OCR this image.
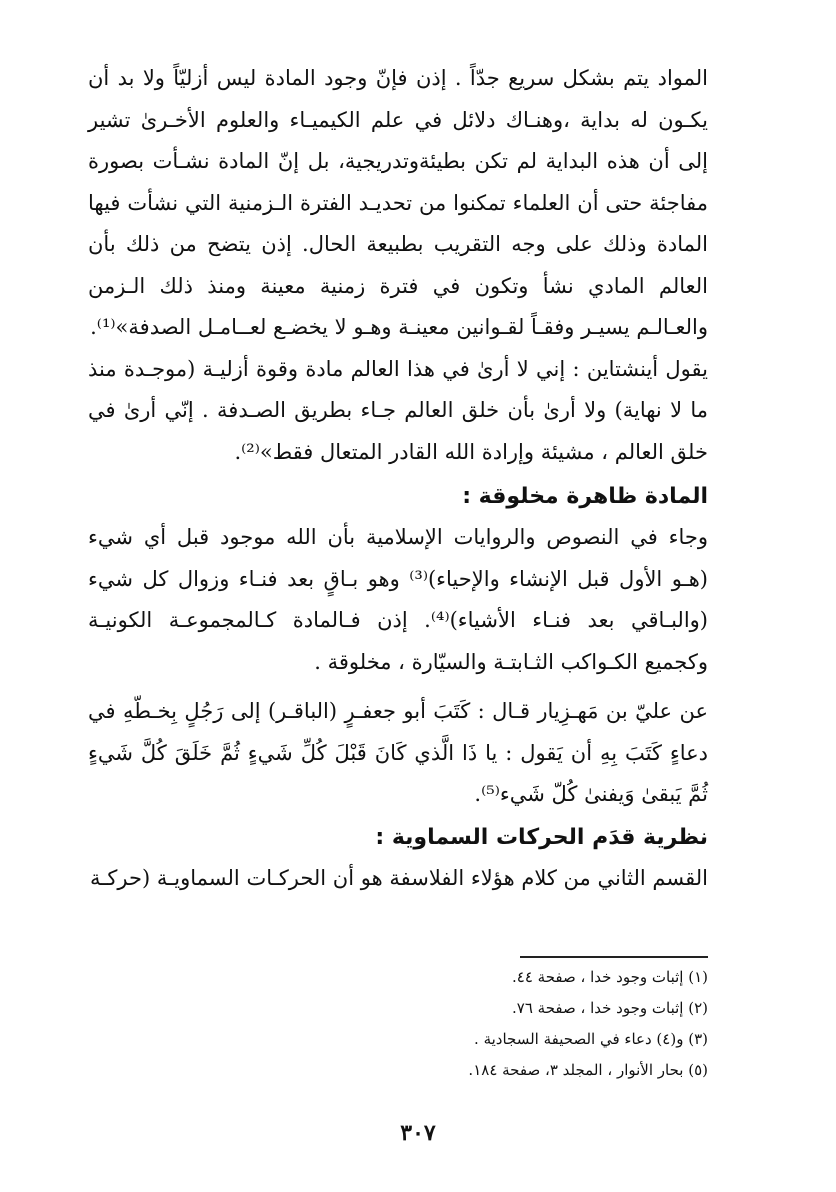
المواد يتم بشكل سريع جدّاً . إذن فإنّ وجود المادة ليس أزليّاً ولا بد أن يكـون له بداية ،وهنـاك دلائل في علم الكيميـاء والعلوم الأخـرىٰ تشير إلى أن هذه البداية لم تكن بطيئةوتدريجية، بل إنّ المادة نشـأت بصورة مفاجئة حتى أن العلماء تمكنوا من تحديـد الفترة الـزمنية التي نشأت فيها المادة وذلك على وجه التقريب بطبيعة الحال. إذن يتضح من ذلك بأن العالم المادي نشأ وتكون في فترة زمنية معينة ومنذ ذلك الـزمن والعـالـم يسيـر وفقـاً لقـوانين معينـة وهـو لا يخضـع لعــامـل الصدفة»⁽¹⁾.

يقول أينشتاين : إني لا أرىٰ في هذا العالم مادة وقوة أزليـة (موجـدة منذ ما لا نهاية) ولا أرىٰ بأن خلق العالم جـاء بطريق الصـدفة . إنّي أرىٰ في خلق العالم ، مشيئة وإرادة الله القادر المتعال فقط»⁽²⁾.

المادة ظاهرة مخلوقة :

وجاء في النصوص والروايات الإسلامية بأن الله موجود قبل أي شيء (هـو الأول قبل الإنشاء والإحياء)⁽³⁾ وهو بـاقٍ بعد فنـاء وزوال كل شيء (والبـاقي بعد فنـاء الأشياء)⁽⁴⁾. إذن فـالمادة كـالمجموعـة الكونيـة وكجميع الكـواكب الثـابتـة والسيّارة ، مخلوقة .

عن عليّ بن مَهـزِيار قـال : كَتَبَ أبو جعفـرٍ (الباقـر) إلى رَجُلٍ بِخـطّهِ في دعاءٍ كَتَبَ بِهِ أن يَقول : يا ذَا الَّذي كَانَ قَبْلَ كُلِّ شَيءٍ ثُمَّ خَلَقَ كُلَّ شَيءٍ ثُمَّ يَبقىٰ وَيفنىٰ كُلّ شَيء⁽⁵⁾.

نظرية قدَم الحركات السماوية :

القسم الثاني من كلام هؤلاء الفلاسفة هو أن الحركـات السماويـة (حركـة

(١) إثبات وجود خدا ، صفحة ٤٤.

(٢) إثبات وجود خدا ، صفحة ٧٦.

(٣) و(٤) دعاء في الصحيفة السجادية .

(٥) بحار الأنوار ، المجلد ٣، صفحة ١٨٤.

٣٠٧
